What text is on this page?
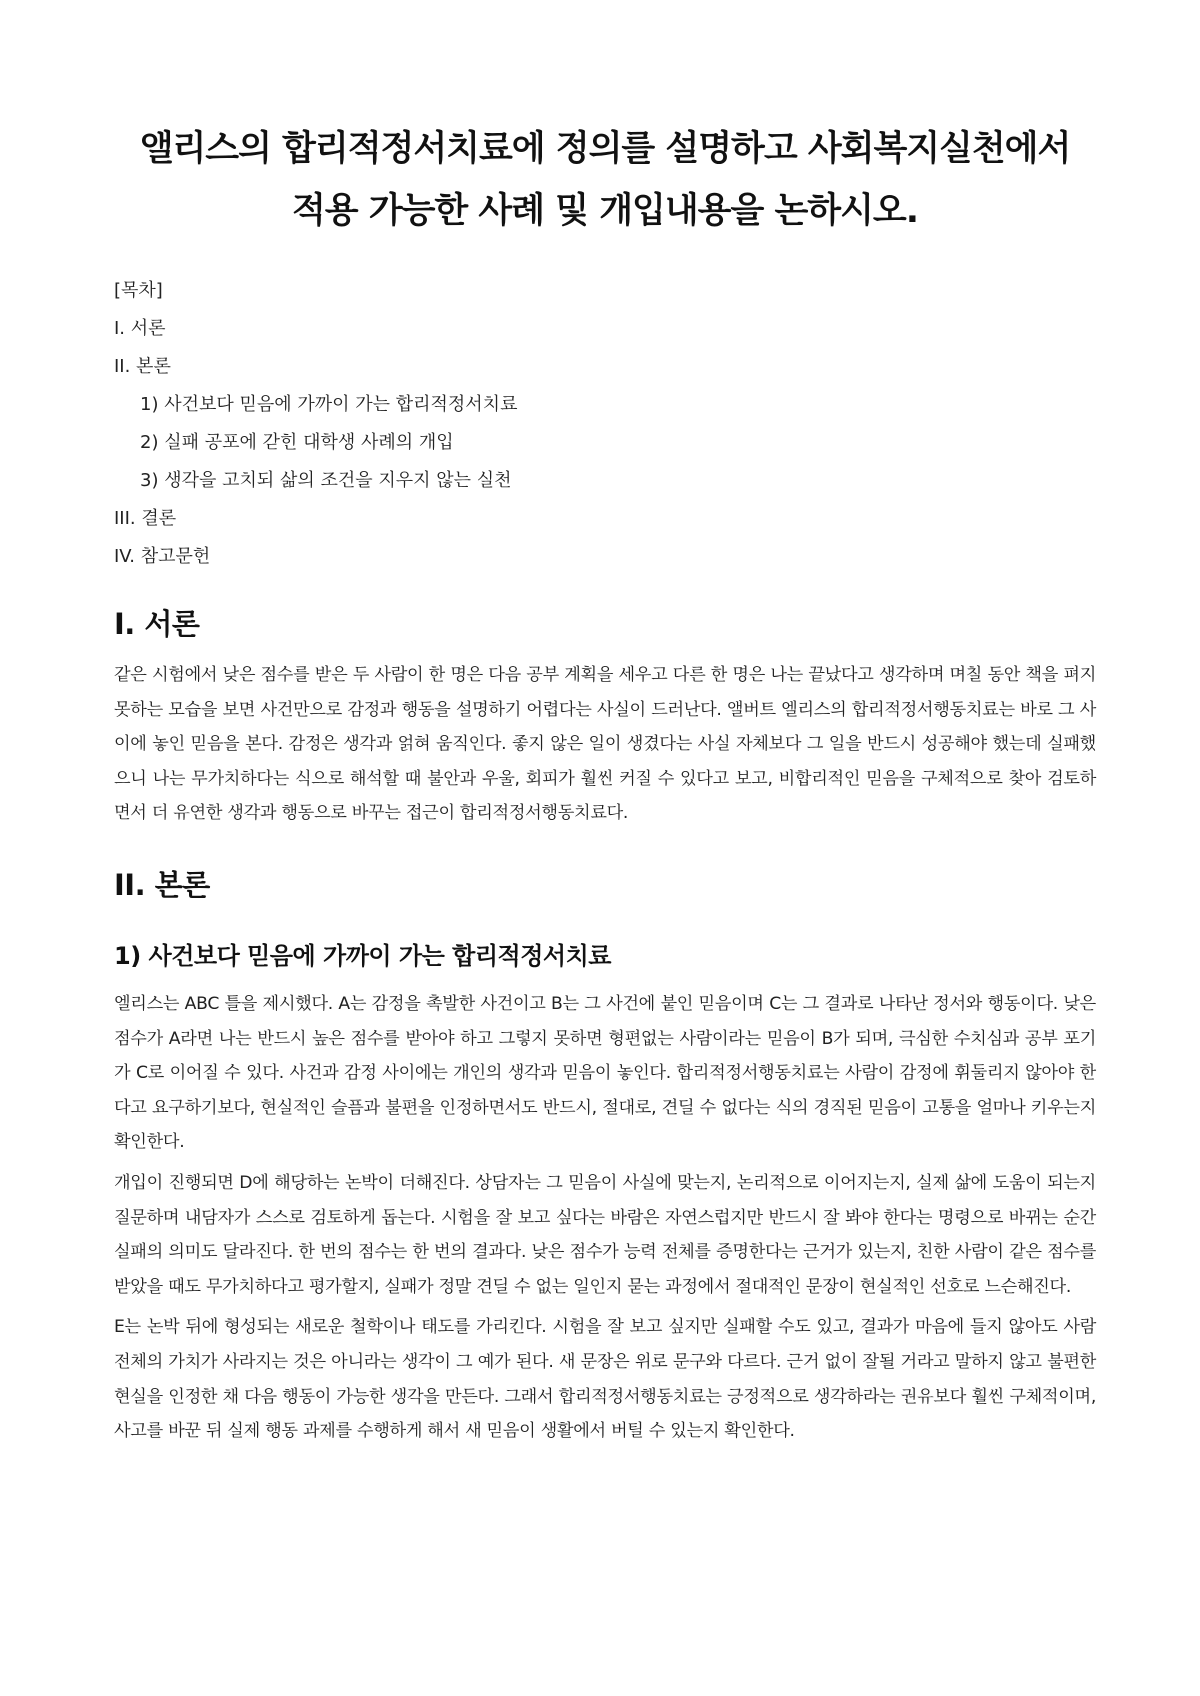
앨리스의 합리적정서치료에 정의를 설명하고 사회복지실천에서 적용 가능한 사례 및 개입내용을 논하시오.
[목차]
I. 서론
II. 본론
1) 사건보다 믿음에 가까이 가는 합리적정서치료
2) 실패 공포에 갇힌 대학생 사례의 개입
3) 생각을 고치되 삶의 조건을 지우지 않는 실천
III. 결론
IV. 참고문헌
I. 서론

같은 시험에서 낮은 점수를 받은 두 사람이 한 명은 다음 공부 계획을 세우고 다른 한 명은 나는 끝났다고 생각하며 며칠 동안 책을 펴지 못하는 모습을 보면 사건만으로 감정과 행동을 설명하기 어렵다는 사실이 드러난다. 앨버트 엘리스의 합리적정서행동치료는 바로 그 사이에 놓인 믿음을 본다. 감정은 생각과 얽혀 움직인다. 좋지 않은 일이 생겼다는 사실 자체보다 그 일을 반드시 성공해야 했는데 실패했으니 나는 무가치하다는 식으로 해석할 때 불안과 우울, 회피가 훨씬 커질 수 있다고 보고, 비합리적인 믿음을 구체적으로 찾아 검토하면서 더 유연한 생각과 행동으로 바꾸는 접근이 합리적정서행동치료다.

II. 본론
1) 사건보다 믿음에 가까이 가는 합리적정서치료

엘리스는 ABC 틀을 제시했다. A는 감정을 촉발한 사건이고 B는 그 사건에 붙인 믿음이며 C는 그 결과로 나타난 정서와 행동이다. 낮은 점수가 A라면 나는 반드시 높은 점수를 받아야 하고 그렇지 못하면 형편없는 사람이라는 믿음이 B가 되며, 극심한 수치심과 공부 포기가 C로 이어질 수 있다. 사건과 감정 사이에는 개인의 생각과 믿음이 놓인다. 합리적정서행동치료는 사람이 감정에 휘둘리지 않아야 한다고 요구하기보다, 현실적인 슬픔과 불편을 인정하면서도 반드시, 절대로, 견딜 수 없다는 식의 경직된 믿음이 고통을 얼마나 키우는지 확인한다.

개입이 진행되면 D에 해당하는 논박이 더해진다. 상담자는 그 믿음이 사실에 맞는지, 논리적으로 이어지는지, 실제 삶에 도움이 되는지 질문하며 내담자가 스스로 검토하게 돕는다. 시험을 잘 보고 싶다는 바람은 자연스럽지만 반드시 잘 봐야 한다는 명령으로 바뀌는 순간 실패의 의미도 달라진다. 한 번의 점수는 한 번의 결과다. 낮은 점수가 능력 전체를 증명한다는 근거가 있는지, 친한 사람이 같은 점수를 받았을 때도 무가치하다고 평가할지, 실패가 정말 견딜 수 없는 일인지 묻는 과정에서 절대적인 문장이 현실적인 선호로 느슨해진다.

E는 논박 뒤에 형성되는 새로운 철학이나 태도를 가리킨다. 시험을 잘 보고 싶지만 실패할 수도 있고, 결과가 마음에 들지 않아도 사람 전체의 가치가 사라지는 것은 아니라는 생각이 그 예가 된다. 새 문장은 위로 문구와 다르다. 근거 없이 잘될 거라고 말하지 않고 불편한 현실을 인정한 채 다음 행동이 가능한 생각을 만든다. 그래서 합리적정서행동치료는 긍정적으로 생각하라는 권유보다 훨씬 구체적이며, 사고를 바꾼 뒤 실제 행동 과제를 수행하게 해서 새 믿음이 생활에서 버틸 수 있는지 확인한다.
